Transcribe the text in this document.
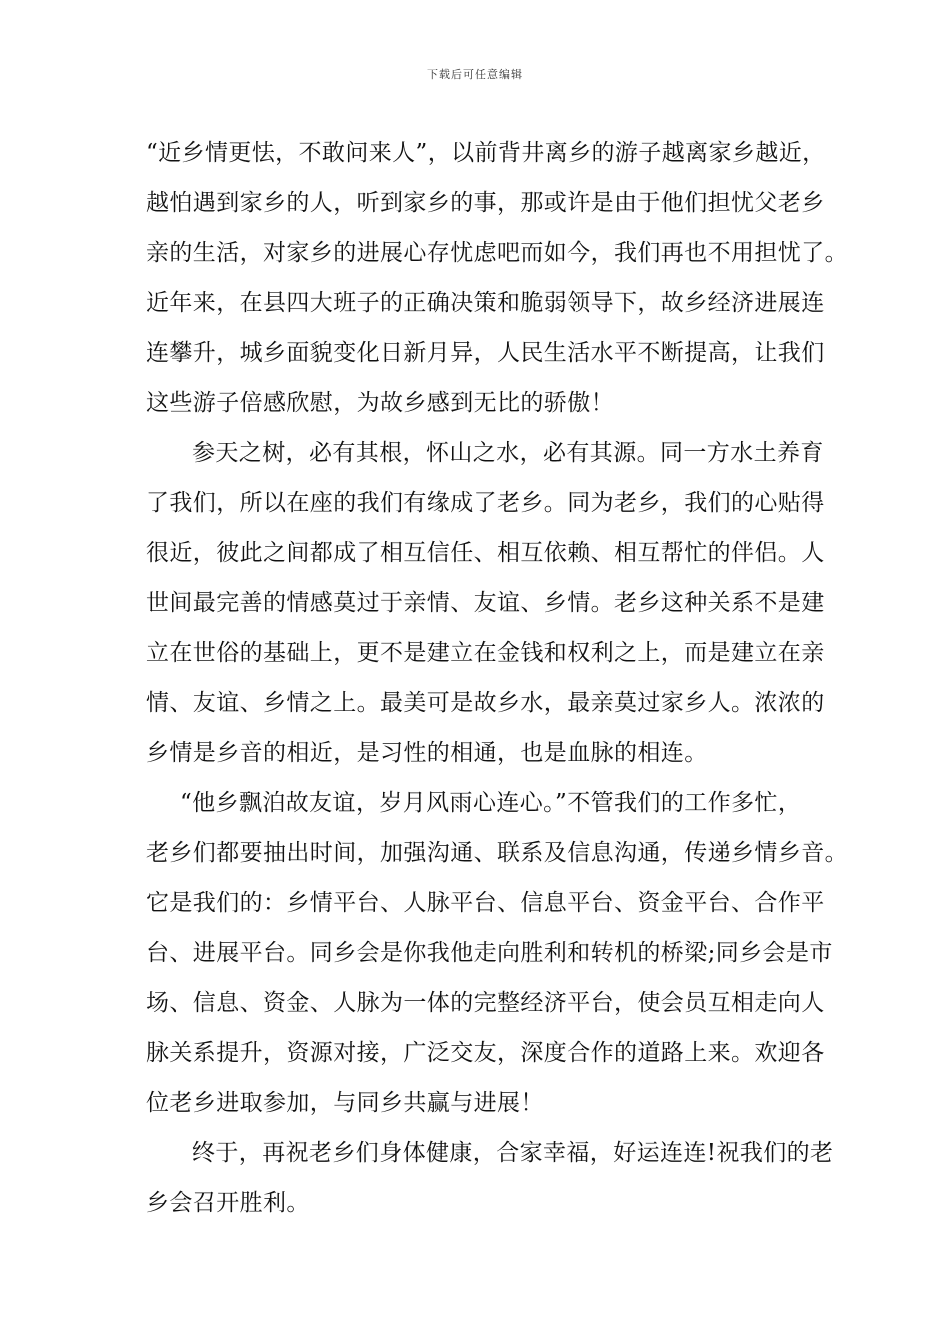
下载后可任意编辑
“近乡情更怯，不敢问来人”，以前背井离乡的游子越离家乡越近，
越怕遇到家乡的人，听到家乡的事，那或许是由于他们担忧父老乡
亲的生活，对家乡的进展心存忧虑吧而如今，我们再也不用担忧了。
近年来，在县四大班子的正确决策和脆弱领导下，故乡经济进展连
连攀升，城乡面貌变化日新月异，人民生活水平不断提高，让我们
这些游子倍感欣慰，为故乡感到无比的骄傲！
参天之树，必有其根，怀山之水，必有其源。同一方水土养育
了我们，所以在座的我们有缘成了老乡。同为老乡，我们的心贴得
很近，彼此之间都成了相互信任、相互依赖、相互帮忙的伴侣。人
世间最完善的情感莫过于亲情、友谊、乡情。老乡这种关系不是建
立在世俗的基础上，更不是建立在金钱和权利之上，而是建立在亲
情、友谊、乡情之上。最美可是故乡水，最亲莫过家乡人。浓浓的
乡情是乡音的相近，是习性的相通，也是血脉的相连。
“他乡飘泊故友谊，岁月风雨心连心。”不管我们的工作多忙，
老乡们都要抽出时间，加强沟通、联系及信息沟通，传递乡情乡音。
它是我们的：乡情平台、人脉平台、信息平台、资金平台、合作平
台、进展平台。同乡会是你我他走向胜利和转机的桥梁;同乡会是市
场、信息、资金、人脉为一体的完整经济平台，使会员互相走向人
脉关系提升，资源对接，广泛交友，深度合作的道路上来。欢迎各
位老乡进取参加，与同乡共赢与进展！
终于，再祝老乡们身体健康，合家幸福，好运连连!祝我们的老
乡会召开胜利。
